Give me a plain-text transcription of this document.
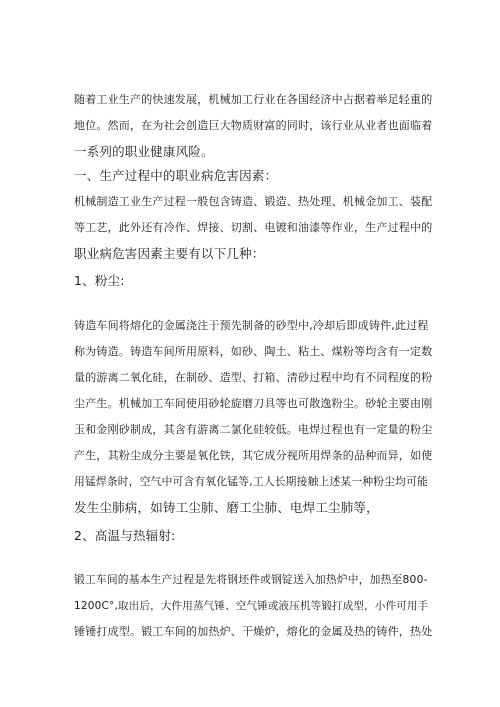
随着工业生产的快速发展，机械加工行业在各国经济中占据着举足轻重的
地位。然而，在为社会创造巨大物质财富的同时，该行业从业者也面临着
一系列的职业健康风险。
一、生产过程中的职业病危害因素：
机械制造工业生产过程一般包含铸造、锻造、热处理、机械金加工、装配
等工艺，此外还有冷作、焊接、切割、电镀和油漆等作业，生产过程中的
职业病危害因素主要有以下几种：
1、粉尘:
铸造车间将熔化的金属浇注于预先制备的砂型中,冷却后即成铸件,此过程
称为铸造。铸造车间所用原料，如砂、陶土、粘土、煤粉等均含有一定数
量的游离二氧化硅，在制砂、造型、打箱、清砂过程中均有不同程度的粉
尘产生。机械加工车间使用砂轮旋磨刀具等也可散逸粉尘。砂轮主要由刚
玉和金刚砂制成，其含有游离二氯化硅较低。电焊过程也有一定量的粉尘
产生，其粉尘成分主要是氧化铁，其它成分视所用焊条的品种而异，如使
用锰焊条时，空气中可含有氧化锰等,工人长期接触上述某一种粉尘均可能
发生尘肺病，如铸工尘肺、磨工尘肺、电焊工尘肺等，
2、高温与热辐射:
锻工车间的基本生产过程是先将钢坯件或钢锭送入加热炉中，加热至800-
1200C°,取出后，大件用蒸气锤、空气锤或液压机等锻打成型，小件可用手
锤锤打成型。锻工车间的加热炉、干燥炉，熔化的金属及热的铸件，热处
